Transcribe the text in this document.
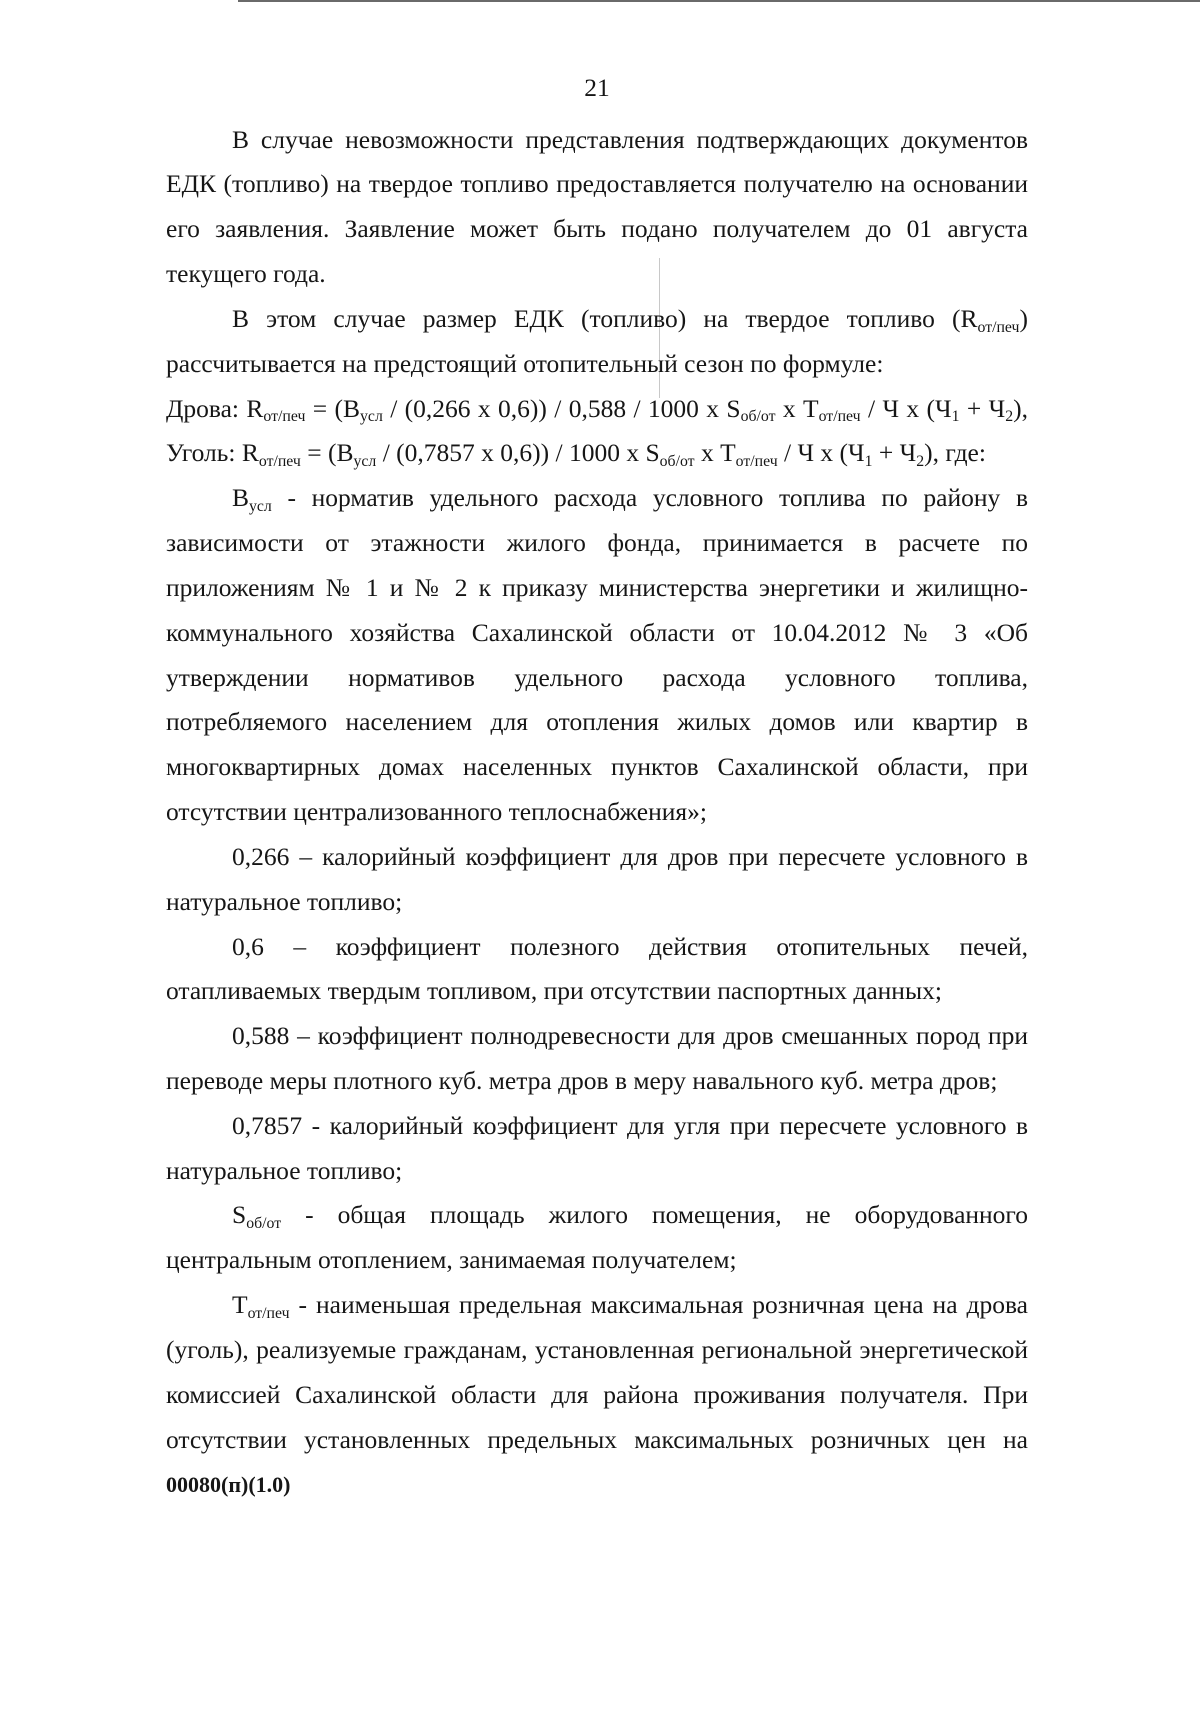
21
В случае невозможности представления подтверждающих документов
ЕДК (топливо) на твердое топливо предоставляется получателю на основании
его заявления. Заявление может быть подано получателем до 01 августа
текущего года.
В этом случае размер ЕДК (топливо) на твердое топливо $(R_{от/печ})$
рассчитывается на предстоящий отопительный сезон по формуле:
Дрова: $R_{от/печ} = (В_{усл} / (0,266$ х 0,6)) / 0,588 / 1000 х $S_{об/от}$ х $Т_{от/печ}$ / Ч х $(Ч_1 + Ч_2)$,
Уголь: $R_{от/печ} = (В_{усл} / (0,7857$ х 0,6)) / 1000 х $S_{об/от}$ х $Т_{от/печ}$ / Ч х $(Ч_1 + Ч_2)$, где:
$В_{усл}$ - норматив удельного расхода условного топлива по району в
зависимости от этажности жилого фонда, принимается в расчете по
приложениям № 1 и № 2 к приказу министерства энергетики и жилищно-
коммунального хозяйства Сахалинской области от 10.04.2012 № 3 «Об
утверждении нормативов удельного расхода условного топлива,
потребляемого населением для отопления жилых домов или квартир в
многоквартирных домах населенных пунктов Сахалинской области, при
отсутствии централизованного теплоснабжения»;
0,266 – калорийный коэффициент для дров при пересчете условного в
натуральное топливо;
0,6 – коэффициент полезного действия отопительных печей,
отапливаемых твердым топливом, при отсутствии паспортных данных;
0,588 – коэффициент полнодревесности для дров смешанных пород при
переводе меры плотного куб. метра дров в меру навального куб. метра дров;
0,7857 - калорийный коэффициент для угля при пересчете условного в
натуральное топливо;
$S_{об/от}$ - общая площадь жилого помещения, не оборудованного
центральным отоплением, занимаемая получателем;
$Т_{от/печ}$ - наименьшая предельная максимальная розничная цена на дрова
(уголь), реализуемые гражданам, установленная региональной энергетической
комиссией Сахалинской области для района проживания получателя. При
отсутствии установленных предельных максимальных розничных цен на
00080(п)(1.0)
